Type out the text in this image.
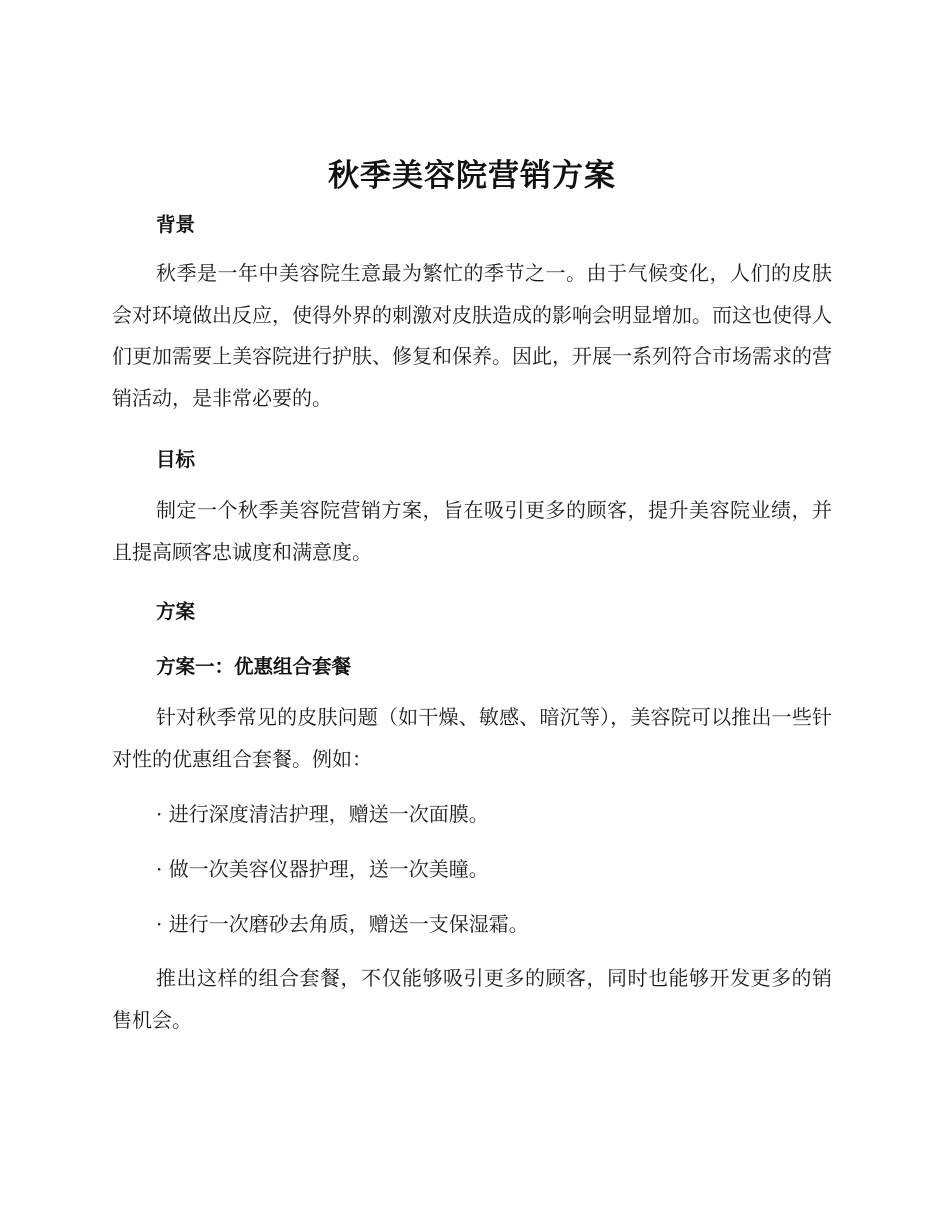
秋季美容院营销方案
背景

秋季是一年中美容院生意最为繁忙的季节之一。由于气候变化，人们的皮肤会对环境做出反应，使得外界的刺激对皮肤造成的影响会明显增加。而这也使得人们更加需要上美容院进行护肤、修复和保养。因此，开展一系列符合市场需求的营销活动，是非常必要的。

目标

制定一个秋季美容院营销方案，旨在吸引更多的顾客，提升美容院业绩，并且提高顾客忠诚度和满意度。

方案
方案一：优惠组合套餐

针对秋季常见的皮肤问题（如干燥、敏感、暗沉等），美容院可以推出一些针对性的优惠组合套餐。例如：

· 进行深度清洁护理，赠送一次面膜。

· 做一次美容仪器护理，送一次美瞳。

· 进行一次磨砂去角质，赠送一支保湿霜。

推出这样的组合套餐，不仅能够吸引更多的顾客，同时也能够开发更多的销售机会。
